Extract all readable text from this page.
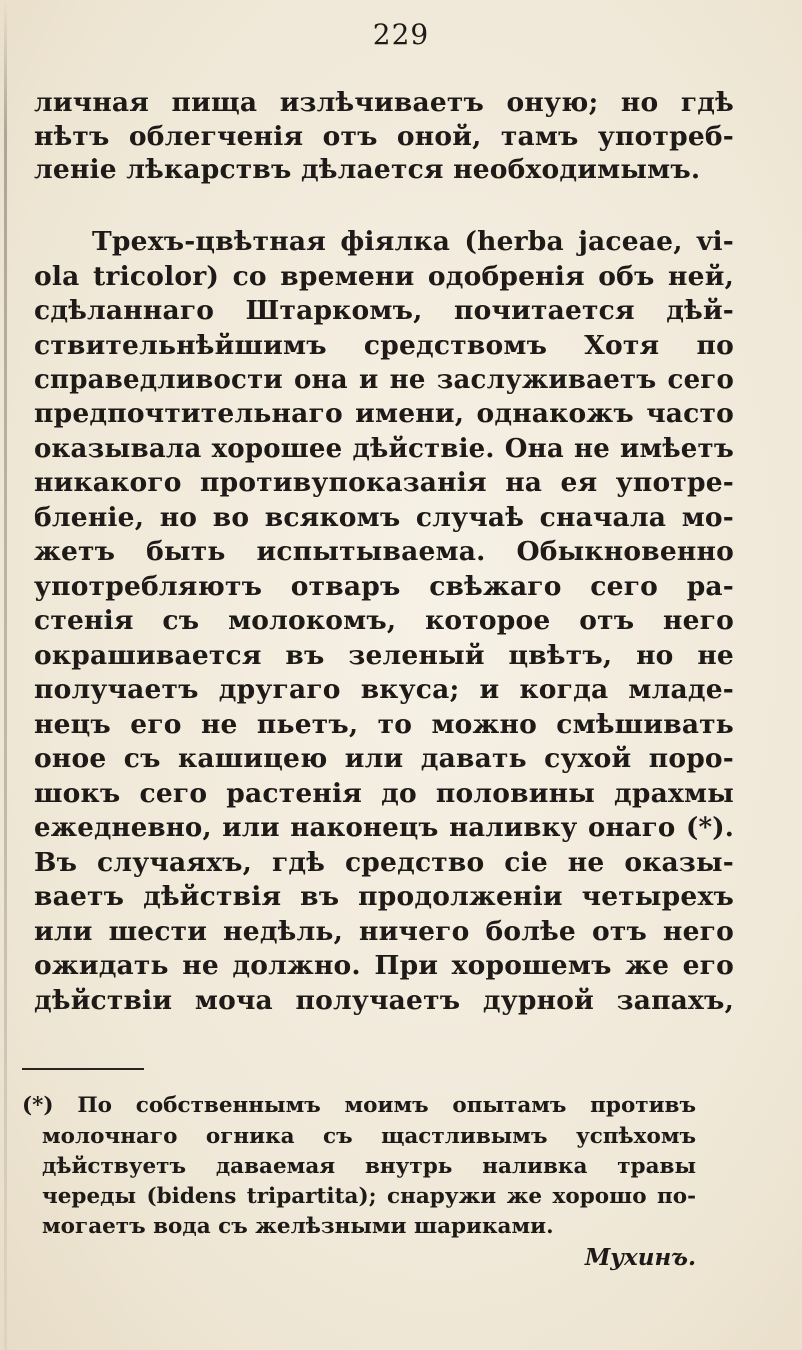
229
личная пища излѣчиваетъ оную; но гдѣ
нѣтъ облегченія отъ оной, тамъ употреб-
леніе лѣкарствъ дѣлается необходимымъ.
Трехъ-цвѣтная фіялка (herba jaceae, vi-
ola tricolor) со времени одобренія объ ней,
сдѣланнаго Штаркомъ, почитается дѣй-
ствительнѣйшимъ средствомъ Хотя по
справедливости она и не заслуживаетъ сего
предпочтительнаго имени, однакожъ часто
оказывала хорошее дѣйствіе. Она не имѣетъ
никакого противупоказанія на ея употре-
бленіе, но во всякомъ случаѣ сначала мо-
жетъ быть испытываема. Обыкновенно
употребляютъ отваръ свѣжаго сего ра-
стенія съ молокомъ, которое отъ него
окрашивается въ зеленый цвѣтъ, но не
получаетъ другаго вкуса; и когда младе-
нецъ его не пьетъ, то можно смѣшивать
оное съ кашицею или давать сухой поро-
шокъ сего растенія до половины драхмы
ежедневно, или наконецъ наливку онаго (*).
Въ случаяхъ, гдѣ средство сіе не оказы-
ваетъ дѣйствія въ продолженіи четырехъ
или шести недѣль, ничего болѣе отъ него
ожидать не должно. При хорошемъ же его
дѣйствіи моча получаетъ дурной запахъ,
(*) По собственнымъ моимъ опытамъ противъ
молочнаго огника съ щастливымъ успѣхомъ
дѣйствуетъ даваемая внутрь наливка травы
череды (bidens tripartita); снаружи же хорошо по-
могаетъ вода съ желѣзными шариками.
Мухинъ.
